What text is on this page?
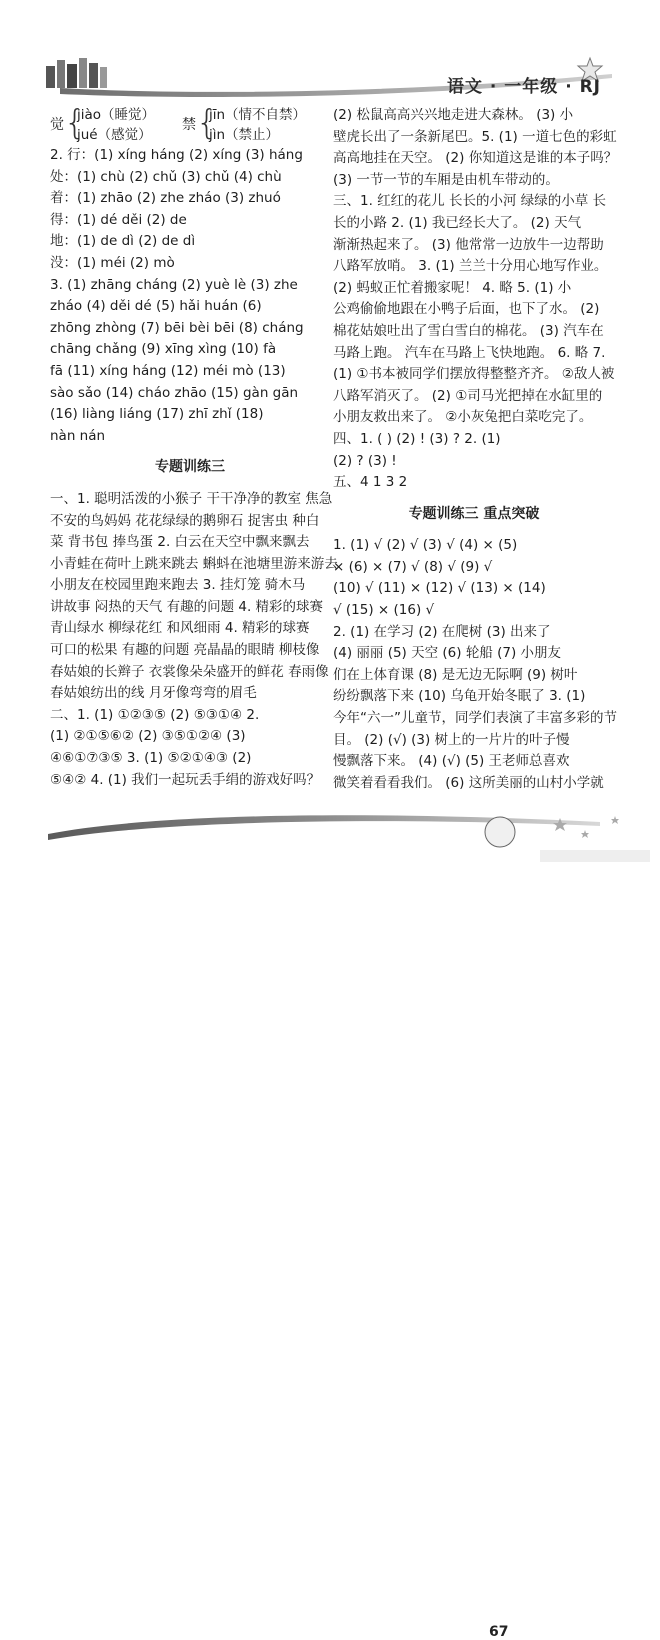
语文 · 一年级 · RJ
觉 {
jiào（睡觉）
jué（感觉）
禁 {
jīn（情不自禁）
jìn（禁止）

2. 行：(1) xíng háng (2) xíng (3) háng

处：(1) chù (2) chǔ (3) chǔ (4) chù

着：(1) zhāo (2) zhe zháo (3) zhuó

得：(1) dé děi (2) de

地：(1) de dì (2) de dì

没：(1) méi (2) mò

3. (1) zhāng cháng (2) yuè lè (3) zhe

zháo (4) děi dé (5) hǎi huán (6)

zhōng zhòng (7) bēi bèi bēi (8) cháng

chāng chǎng (9) xīng xìng (10) fà

fā (11) xíng háng (12) méi mò (13)

sào sǎo (14) cháo zhāo (15) gàn gān

(16) liàng liáng (17) zhī zhǐ (18)

nàn nán

专题训练三

一、1. 聪明活泼的小猴子 干干净净的教室 焦急

不安的鸟妈妈 花花绿绿的鹅卵石 捉害虫 种白

菜 背书包 捧鸟蛋 2. 白云在天空中飘来飘去

小青蛙在荷叶上跳来跳去 蝌蚪在池塘里游来游去

小朋友在校园里跑来跑去 3. 挂灯笼 骑木马

讲故事 闷热的天气 有趣的问题 4. 精彩的球赛

青山绿水 柳绿花红 和风细雨 4. 精彩的球赛

可口的松果 有趣的问题 亮晶晶的眼睛 柳枝像

春姑娘的长辫子 衣裳像朵朵盛开的鲜花 春雨像

春姑娘纺出的线 月牙像弯弯的眉毛

二、1. (1) ①②③⑤ (2) ⑤③①④ 2.

(1) ②①⑤⑥② (2) ③⑤①②④ (3)

④⑥①⑦③⑤ 3. (1) ⑤②①④③ (2)

⑤④② 4. (1) 我们一起玩丢手绢的游戏好吗？

(2) 松鼠高高兴兴地走进大森林。 (3) 小

壁虎长出了一条新尾巴。5. (1) 一道七色的彩虹

高高地挂在天空。 (2) 你知道这是谁的本子吗？

(3) 一节一节的车厢是由机车带动的。

三、1. 红红的花儿 长长的小河 绿绿的小草 长

长的小路 2. (1) 我已经长大了。 (2) 天气

渐渐热起来了。 (3) 他常常一边放牛一边帮助

八路军放哨。 3. (1) 兰兰十分用心地写作业。

(2) 蚂蚁正忙着搬家呢！ 4. 略 5. (1) 小

公鸡偷偷地跟在小鸭子后面，也下了水。 (2)

棉花姑娘吐出了雪白雪白的棉花。 (3) 汽车在

马路上跑。 汽车在马路上飞快地跑。 6. 略 7.

(1) ①书本被同学们摆放得整整齐齐。 ②敌人被

八路军消灭了。 (2) ①司马光把掉在水缸里的

小朋友救出来了。 ②小灰兔把白菜吃完了。

四、1. ( ) (2) ! (3) ? 2. (1)

(2) ? (3) !

五、4 1 3 2

专题训练三 重点突破

1. (1) √ (2) √ (3) √ (4) × (5)

× (6) × (7) √ (8) √ (9) √

(10) √ (11) × (12) √ (13) × (14)

√ (15) × (16) √

2. (1) 在学习 (2) 在爬树 (3) 出来了

(4) 丽丽 (5) 天空 (6) 轮船 (7) 小朋友

们在上体育课 (8) 是无边无际啊 (9) 树叶

纷纷飘落下来 (10) 乌龟开始冬眠了 3. (1)

今年“六一”儿童节，同学们表演了丰富多彩的节

目。 (2) (√) (3) 树上的一片片的叶子慢

慢飘落下来。 (4) (√) (5) 王老师总喜欢

微笑着看看我们。 (6) 这所美丽的山村小学就

67
